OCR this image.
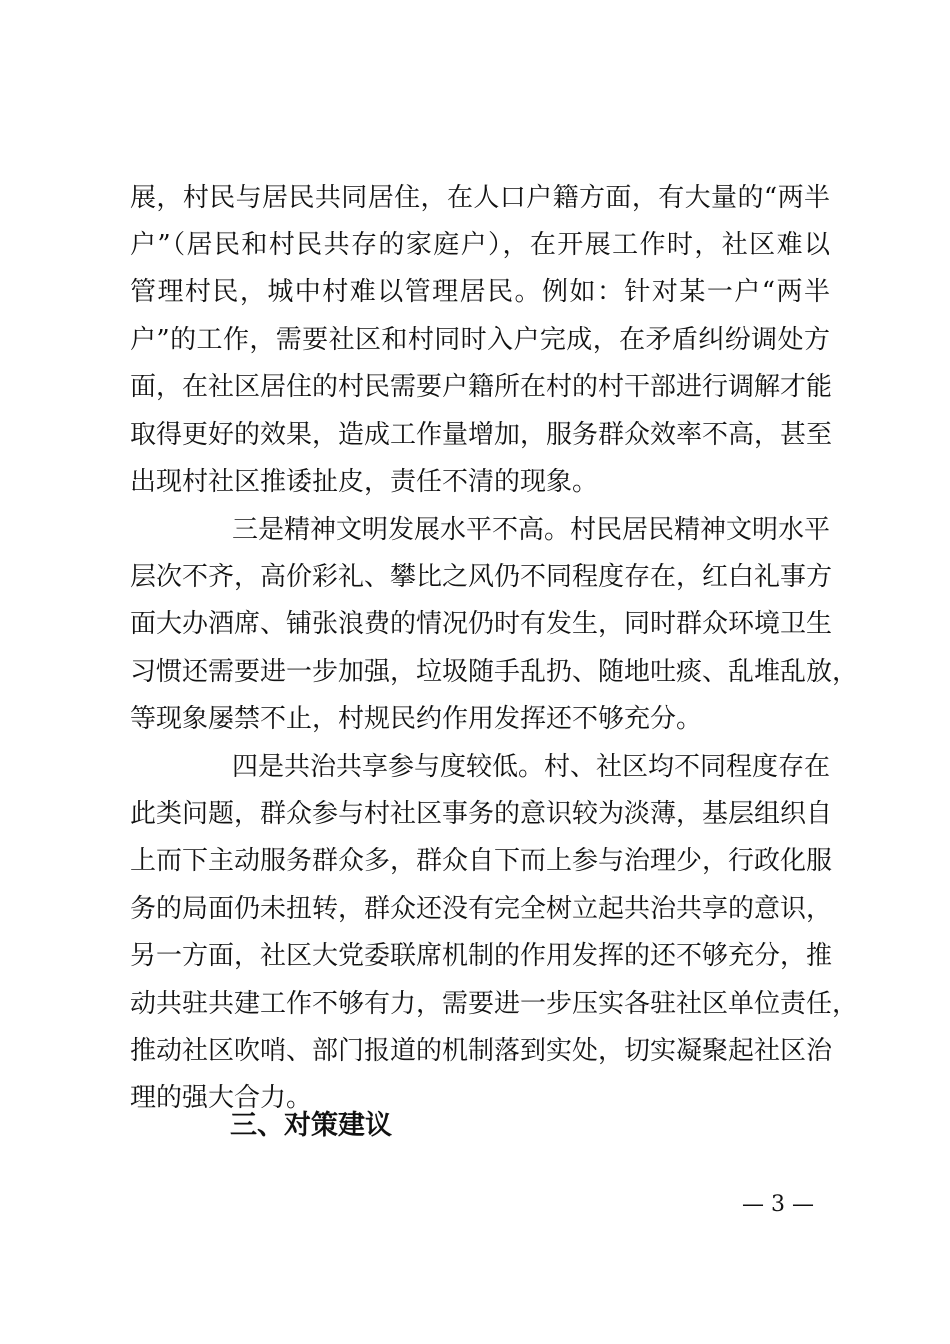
展，村民与居民共同居住，在人口户籍方面，有大量的“两半
户”（居民和村民共存的家庭户），在开展工作时，社区难以
管理村民，城中村难以管理居民。例如：针对某一户“两半
户”的工作，需要社区和村同时入户完成，在矛盾纠纷调处方
面，在社区居住的村民需要户籍所在村的村干部进行调解才能
取得更好的效果，造成工作量增加，服务群众效率不高，甚至
出现村社区推诿扯皮，责任不清的现象。
三是精神文明发展水平不高。村民居民精神文明水平
层次不齐，高价彩礼、攀比之风仍不同程度存在，红白礼事方
面大办酒席、铺张浪费的情况仍时有发生，同时群众环境卫生
习惯还需要进一步加强，垃圾随手乱扔、随地吐痰、乱堆乱放，
等现象屡禁不止，村规民约作用发挥还不够充分。
四是共治共享参与度较低。村、社区均不同程度存在
此类问题，群众参与村社区事务的意识较为淡薄，基层组织自
上而下主动服务群众多，群众自下而上参与治理少，行政化服
务的局面仍未扭转，群众还没有完全树立起共治共享的意识，
另一方面，社区大党委联席机制的作用发挥的还不够充分，推
动共驻共建工作不够有力，需要进一步压实各驻社区单位责任，
推动社区吹哨、部门报道的机制落到实处，切实凝聚起社区治
理的强大合力。
三、对策建议
— 3 —
